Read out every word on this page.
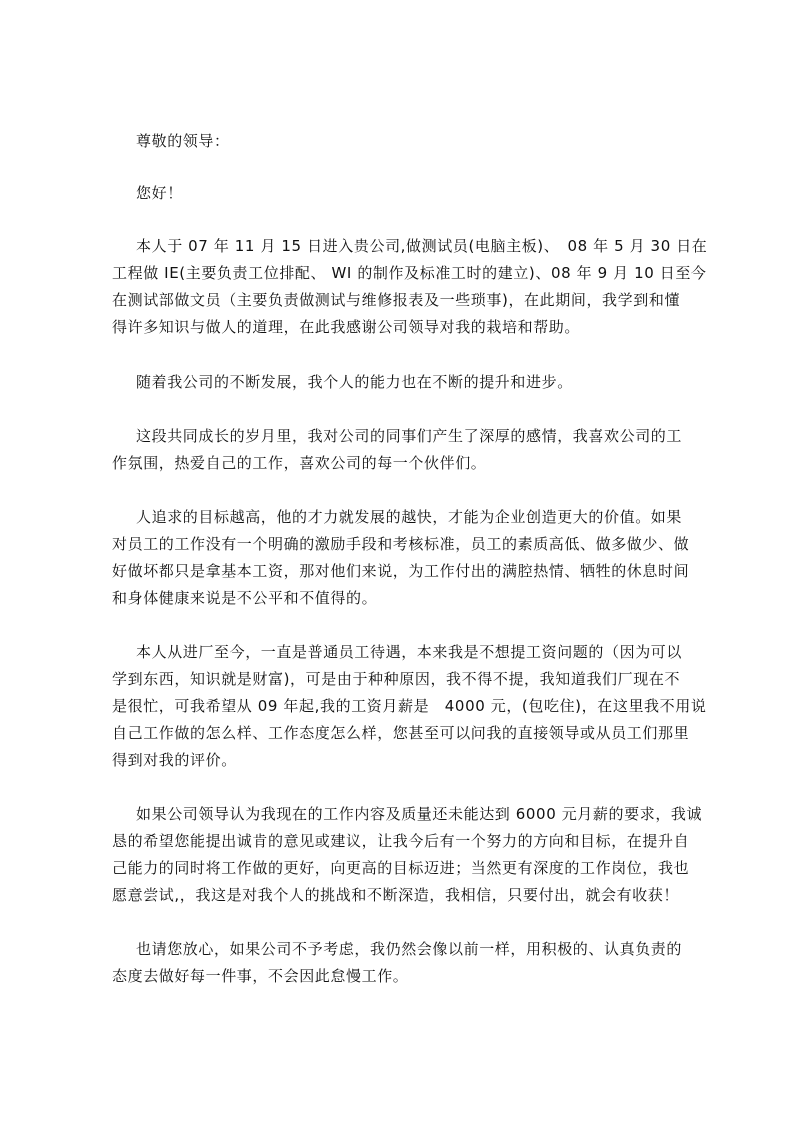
尊敬的领导：

您好！

本人于 07 年 11 月 15 日进入贵公司,做测试员(电脑主板)、　08 年 5 月 30 日在

工程做 IE(主要负责工位排配、 WI 的制作及标准工时的建立)、08 年 9 月 10 日至今

在测试部做文员（主要负责做测试与维修报表及一些琐事)，在此期间，我学到和懂

得许多知识与做人的道理，在此我感谢公司领导对我的栽培和帮助。

随着我公司的不断发展，我个人的能力也在不断的提升和进步。

这段共同成长的岁月里，我对公司的同事们产生了深厚的感情，我喜欢公司的工

作氛围，热爱自己的工作，喜欢公司的每一个伙伴们。

人追求的目标越高，他的才力就发展的越快，才能为企业创造更大的价值。如果

对员工的工作没有一个明确的激励手段和考核标准，员工的素质高低、做多做少、做

好做坏都只是拿基本工资，那对他们来说，为工作付出的满腔热情、牺牲的休息时间

和身体健康来说是不公平和不值得的。

本人从进厂至今，一直是普通员工待遇，本来我是不想提工资问题的（因为可以

学到东西，知识就是财富)，可是由于种种原因，我不得不提，我知道我们厂现在不

是很忙，可我希望从 09 年起,我的工资月薪是　4000 元，(包吃住)，在这里我不用说

自己工作做的怎么样、工作态度怎么样，您甚至可以问我的直接领导或从员工们那里

得到对我的评价。

如果公司领导认为我现在的工作内容及质量还未能达到 6000 元月薪的要求，我诚

恳的希望您能提出诚肯的意见或建议，让我今后有一个努力的方向和目标，在提升自

己能力的同时将工作做的更好，向更高的目标迈进；当然更有深度的工作岗位，我也

愿意尝试,，我这是对我个人的挑战和不断深造，我相信，只要付出，就会有收获！

也请您放心，如果公司不予考虑，我仍然会像以前一样，用积极的、认真负责的

态度去做好每一件事，不会因此怠慢工作。
